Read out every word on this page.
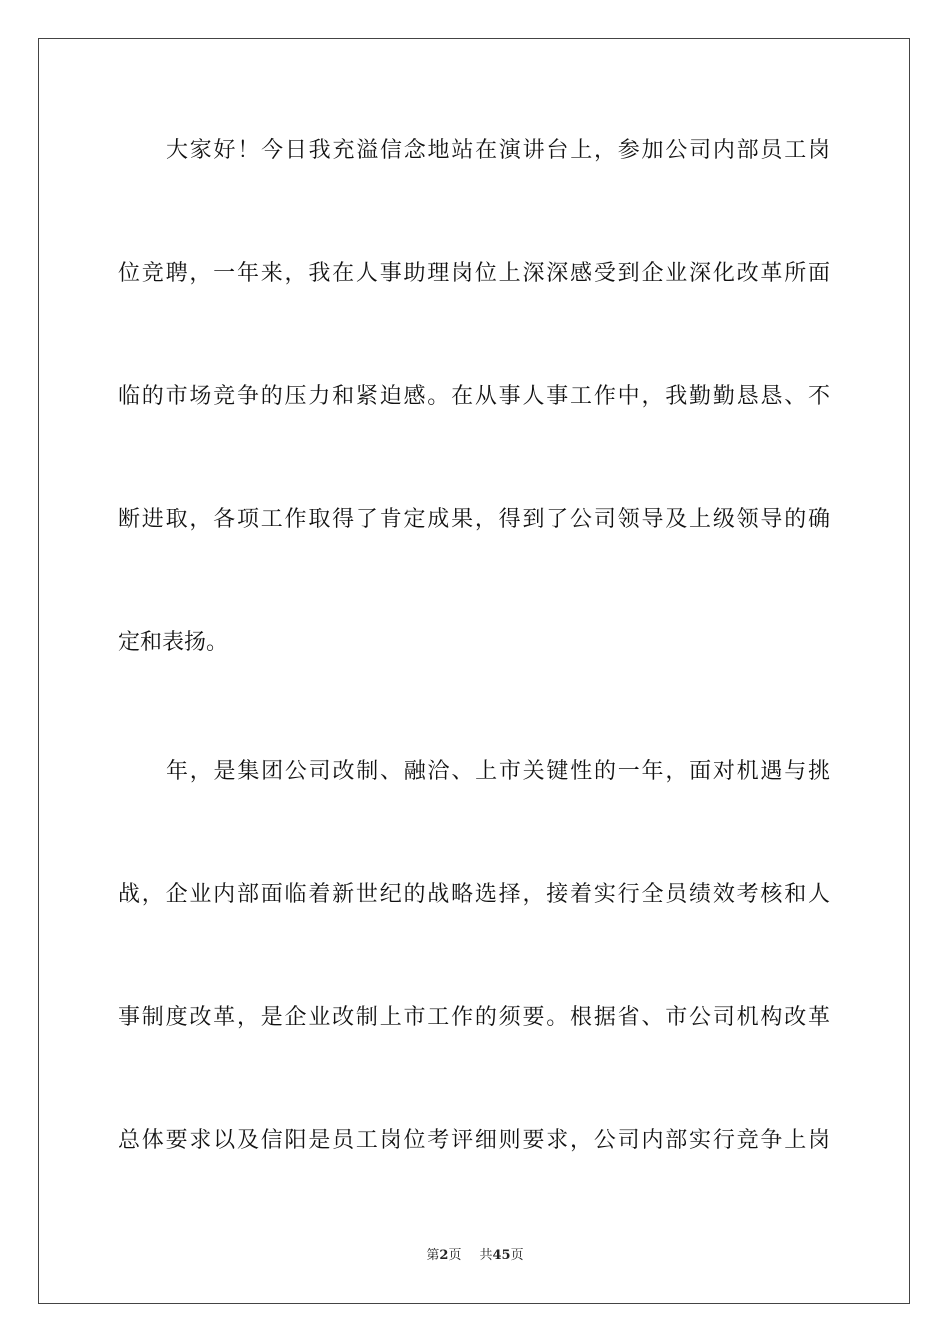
大家好！今日我充溢信念地站在演讲台上，参加公司内部员工岗
位竞聘，一年来，我在人事助理岗位上深深感受到企业深化改革所面
临的市场竞争的压力和紧迫感。在从事人事工作中，我勤勤恳恳、不
断进取，各项工作取得了肯定成果，得到了公司领导及上级领导的确
定和表扬。
年，是集团公司改制、融洽、上市关键性的一年，面对机遇与挑
战，企业内部面临着新世纪的战略选择，接着实行全员绩效考核和人
事制度改革，是企业改制上市工作的须要。根据省、市公司机构改革
总体要求以及信阳是员工岗位考评细则要求，公司内部实行竞争上岗
第2页 共45页
